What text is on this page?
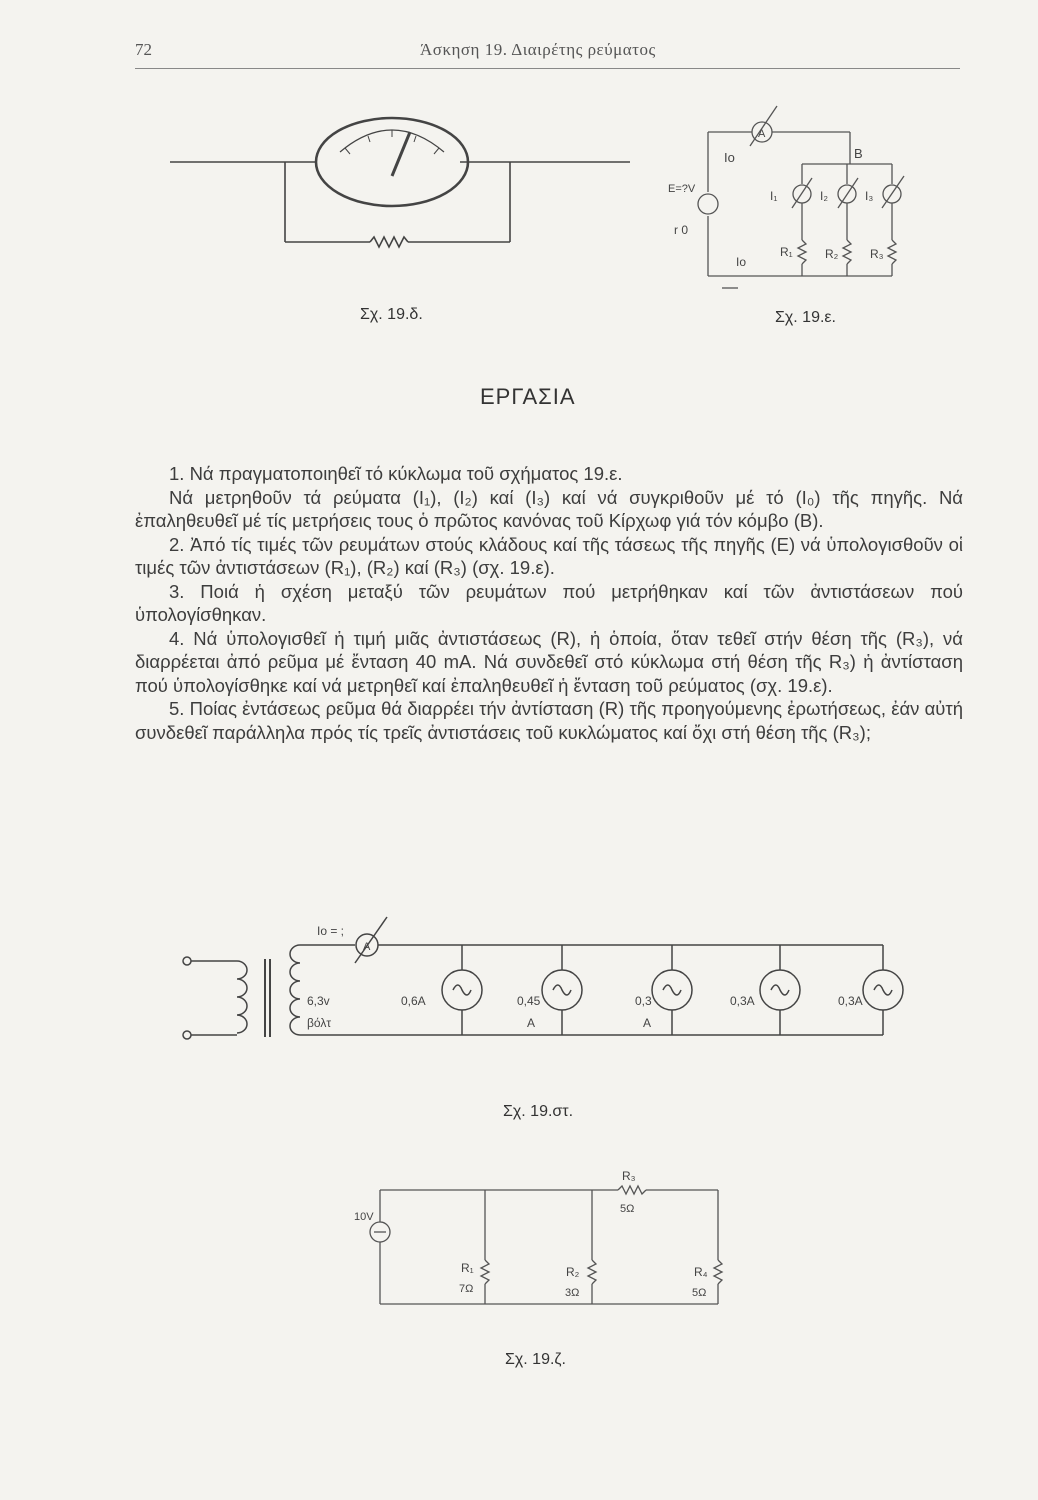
72	Άσκηση 19. Διαιρέτης ρεύματος
Σχ. 19.δ.
A
Io	B
E=?V
r 0
I₁	I₂	I₃
Io
R₁	R₂	R₃
Σχ. 19.ε.
ΕΡΓΑΣΙΑ

1. Νά πραγματοποιηθεῖ τό κύκλωμα τοῦ σχήματος 19.ε.

Νά μετρηθοῦν τά ρεύματα (I₁), (I₂) καί (I₃) καί νά συγκριθοῦν μέ τό (I₀) τῆς πηγῆς. Νά ἐπαληθευθεῖ μέ τίς μετρήσεις τους ὁ πρῶτος κανόνας τοῦ Κίρχωφ γιά τόν κόμβο (B).

2. Ἀπό τίς τιμές τῶν ρευμάτων στούς κλάδους καί τῆς τάσεως τῆς πηγῆς (E) νά ὑπολογισθοῦν οἱ τιμές τῶν ἀντιστάσεων (R₁), (R₂) καί (R₃) (σχ. 19.ε).

3. Ποιά ἡ σχέση μεταξύ τῶν ρευμάτων πού μετρήθηκαν καί τῶν ἀντιστάσεων πού ὑπολογίσθηκαν.

4. Νά ὑπολογισθεῖ ἡ τιμή μιᾶς ἀντιστάσεως (R), ἡ ὁποία, ὅταν τεθεῖ στήν θέση τῆς (R₃), νά διαρρέεται ἀπό ρεῦμα μέ ἔνταση 40 mA. Νά συνδεθεῖ στό κύκλωμα στή θέση τῆς R₃) ἡ ἀντίσταση πού ὑπολογίσθηκε καί νά μετρηθεῖ καί ἐπαληθευθεῖ ἡ ἔνταση τοῦ ρεύματος (σχ. 19.ε).

5. Ποίας ἐντάσεως ρεῦμα θά διαρρέει τήν ἀντίσταση (R) τῆς προηγούμενης ἐρωτήσεως, ἐάν αὐτή συνδεθεῖ παράλληλα πρός τίς τρεῖς ἀντιστάσεις τοῦ κυκλώματος καί ὄχι στή θέση τῆς (R₃);

Io = ;
A
6,3v
βόλτ
0,6A	0,45
A
0,3
A
0,3A	0,3A
Σχ. 19.στ.
10V
R₁
7Ω
R₂
3Ω
R₃
5Ω
R₄
5Ω
Σχ. 19.ζ.
